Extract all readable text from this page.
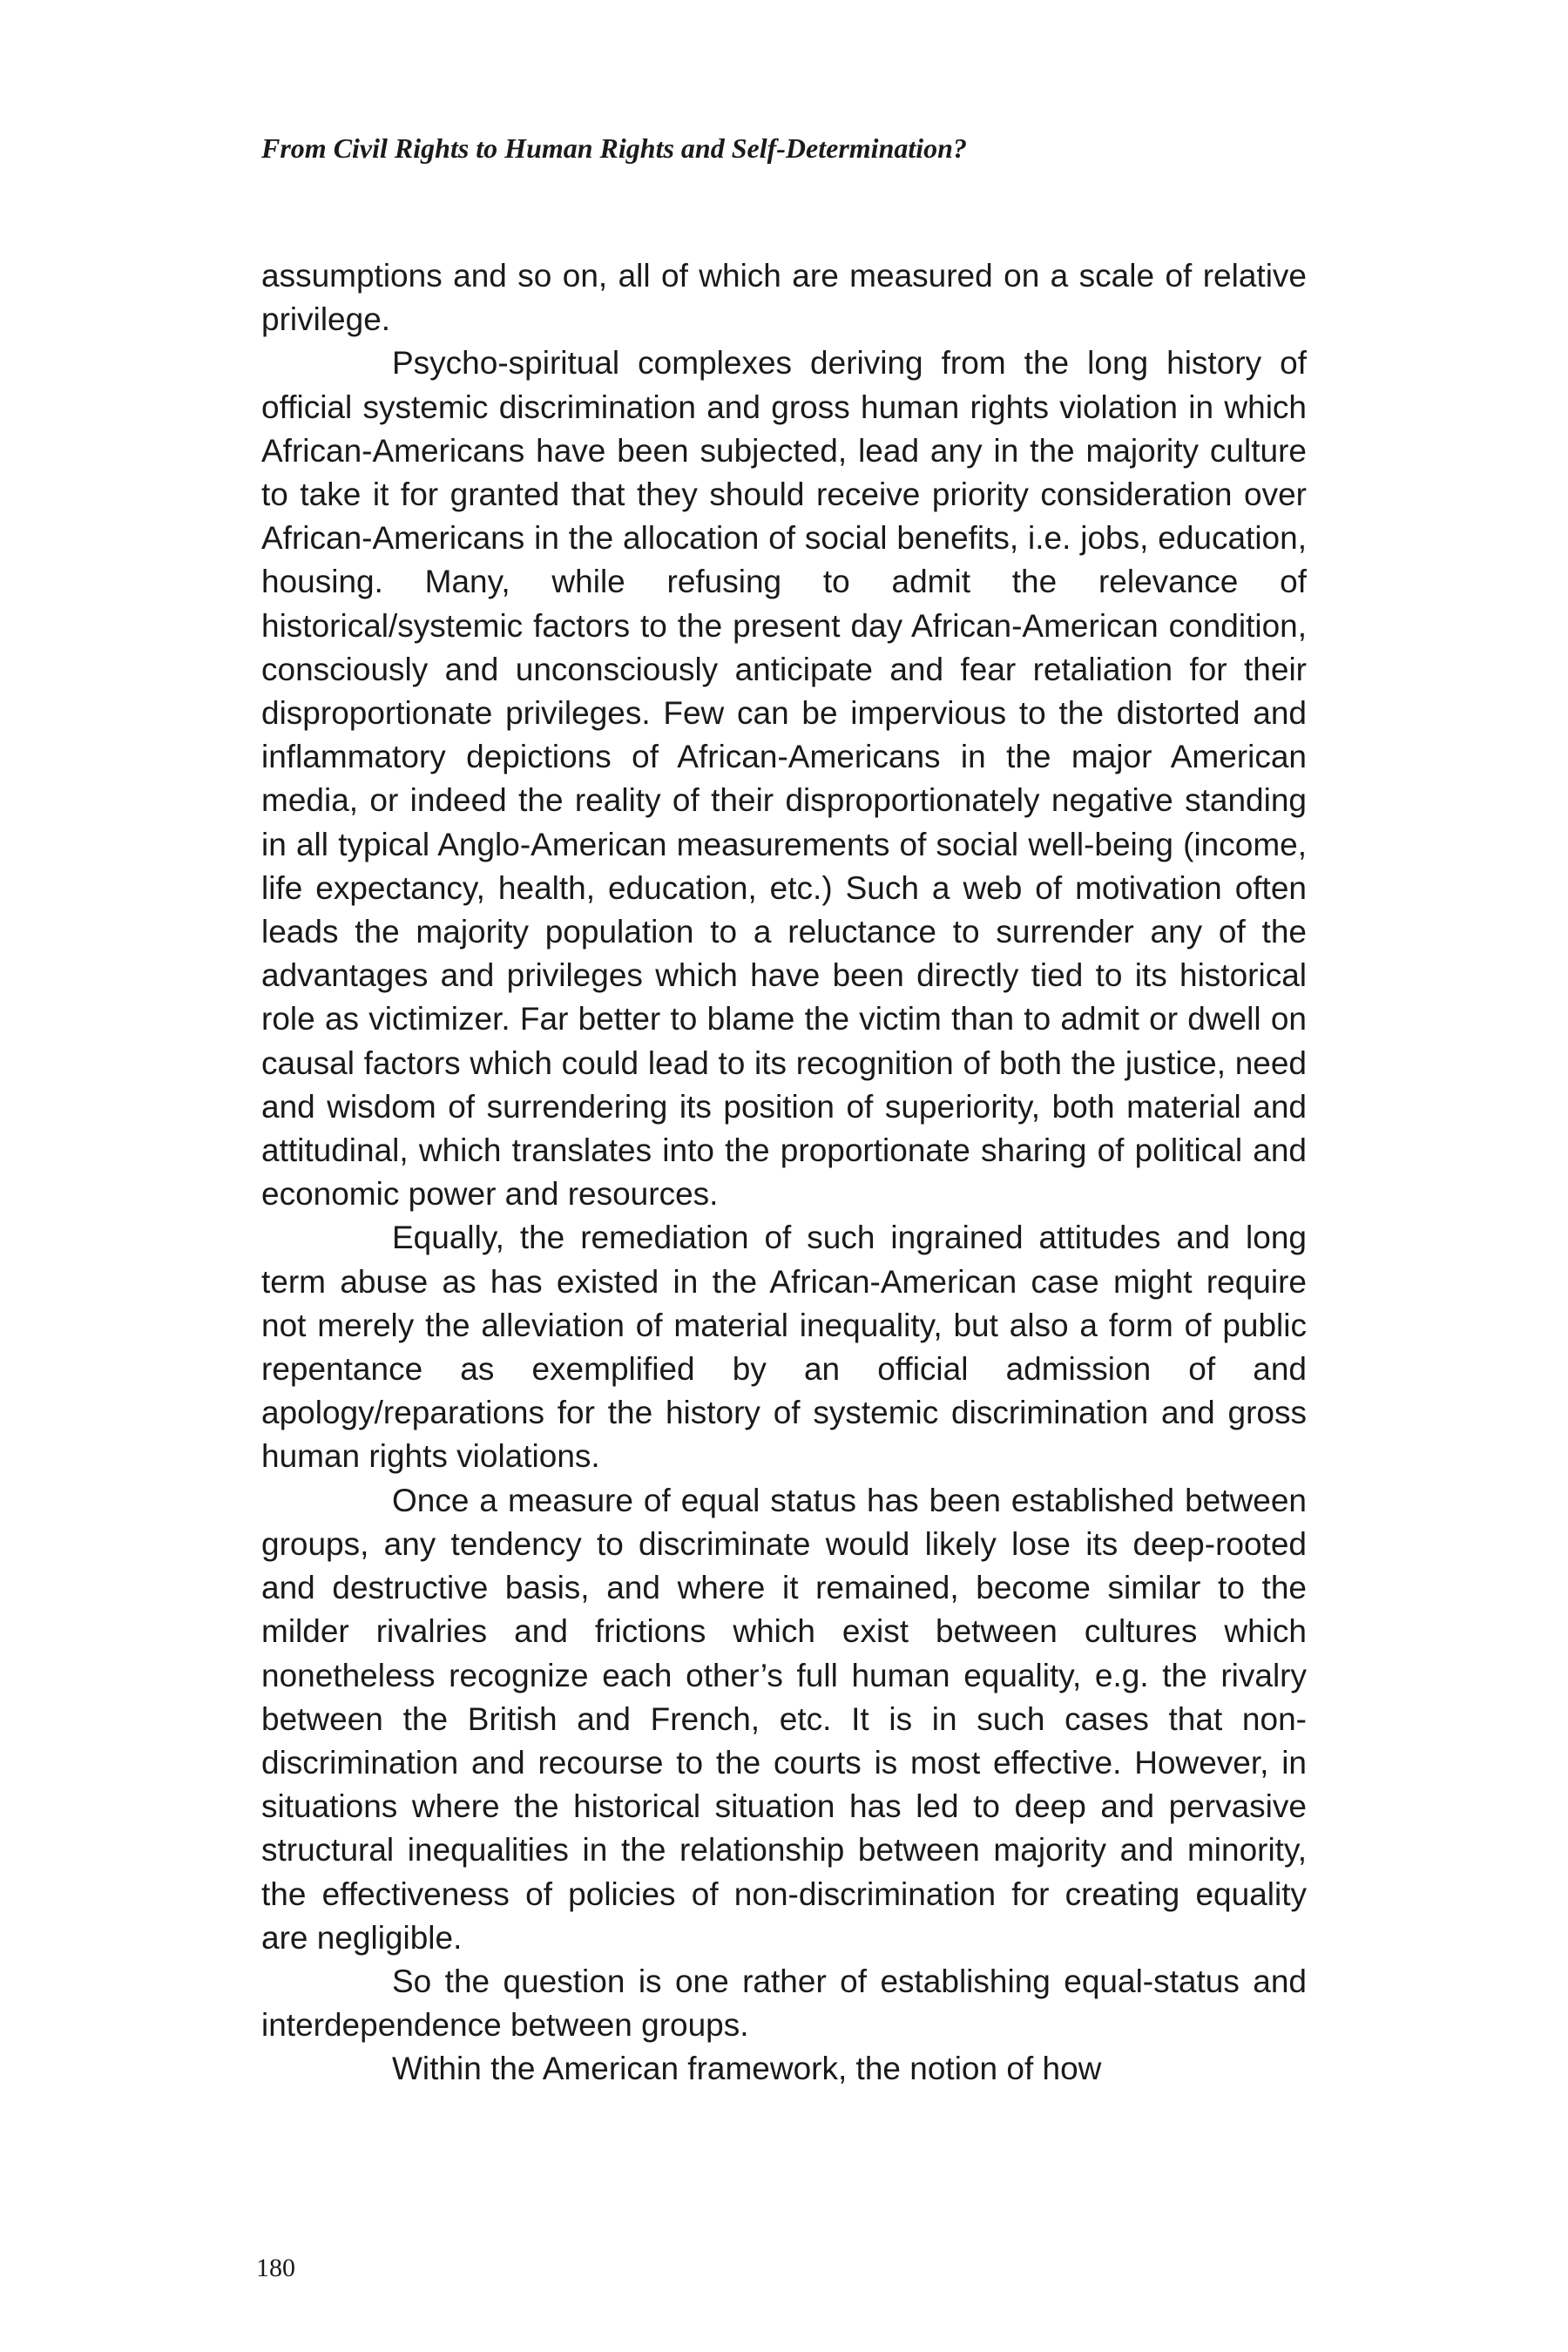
From Civil Rights to Human Rights and Self-Determination?

assumptions and so on, all of which are measured on a scale of relative privilege.

Psycho-spiritual complexes deriving from the long history of official systemic discrimination and gross human rights violation in which African-Americans have been subjected, lead any in the majority culture to take it for granted that they should receive priority consideration over African-Americans in the allocation of social benefits, i.e. jobs, education, housing. Many, while refusing to admit the relevance of historical/systemic factors to the present day African-American condition, consciously and unconsciously anticipate and fear retaliation for their disproportionate privileges. Few can be impervious to the distorted and inflammatory depictions of African-Americans in the major American media, or indeed the reality of their disproportionately negative standing in all typical Anglo-American measurements of social well-being (income, life expectancy, health, education, etc.) Such a web of motivation often leads the majority population to a reluctance to surrender any of the advantages and privileges which have been directly tied to its historical role as victimizer. Far better to blame the victim than to admit or dwell on causal factors which could lead to its recognition of both the justice, need and wisdom of surrendering its position of superiority, both material and attitudinal, which translates into the proportionate sharing of political and economic power and resources.

Equally, the remediation of such ingrained attitudes and long term abuse as has existed in the African-American case might require not merely the alleviation of material inequality, but also a form of public repentance as exemplified by an official admission of and apology/reparations for the history of systemic discrimination and gross human rights violations.

Once a measure of equal status has been established between groups, any tendency to discriminate would likely lose its deep-rooted and destructive basis, and where it remained, become similar to the milder rivalries and frictions which exist between cultures which nonetheless recognize each other’s full human equality, e.g. the rivalry between the British and French, etc. It is in such cases that non-discrimination and recourse to the courts is most effective. However, in situations where the historical situation has led to deep and pervasive structural inequalities in the relationship between majority and minority, the effectiveness of policies of non-discrimination for creating equality are negligible.

So the question is one rather of establishing equal-status and interdependence between groups.

Within the American framework, the notion of how

180
